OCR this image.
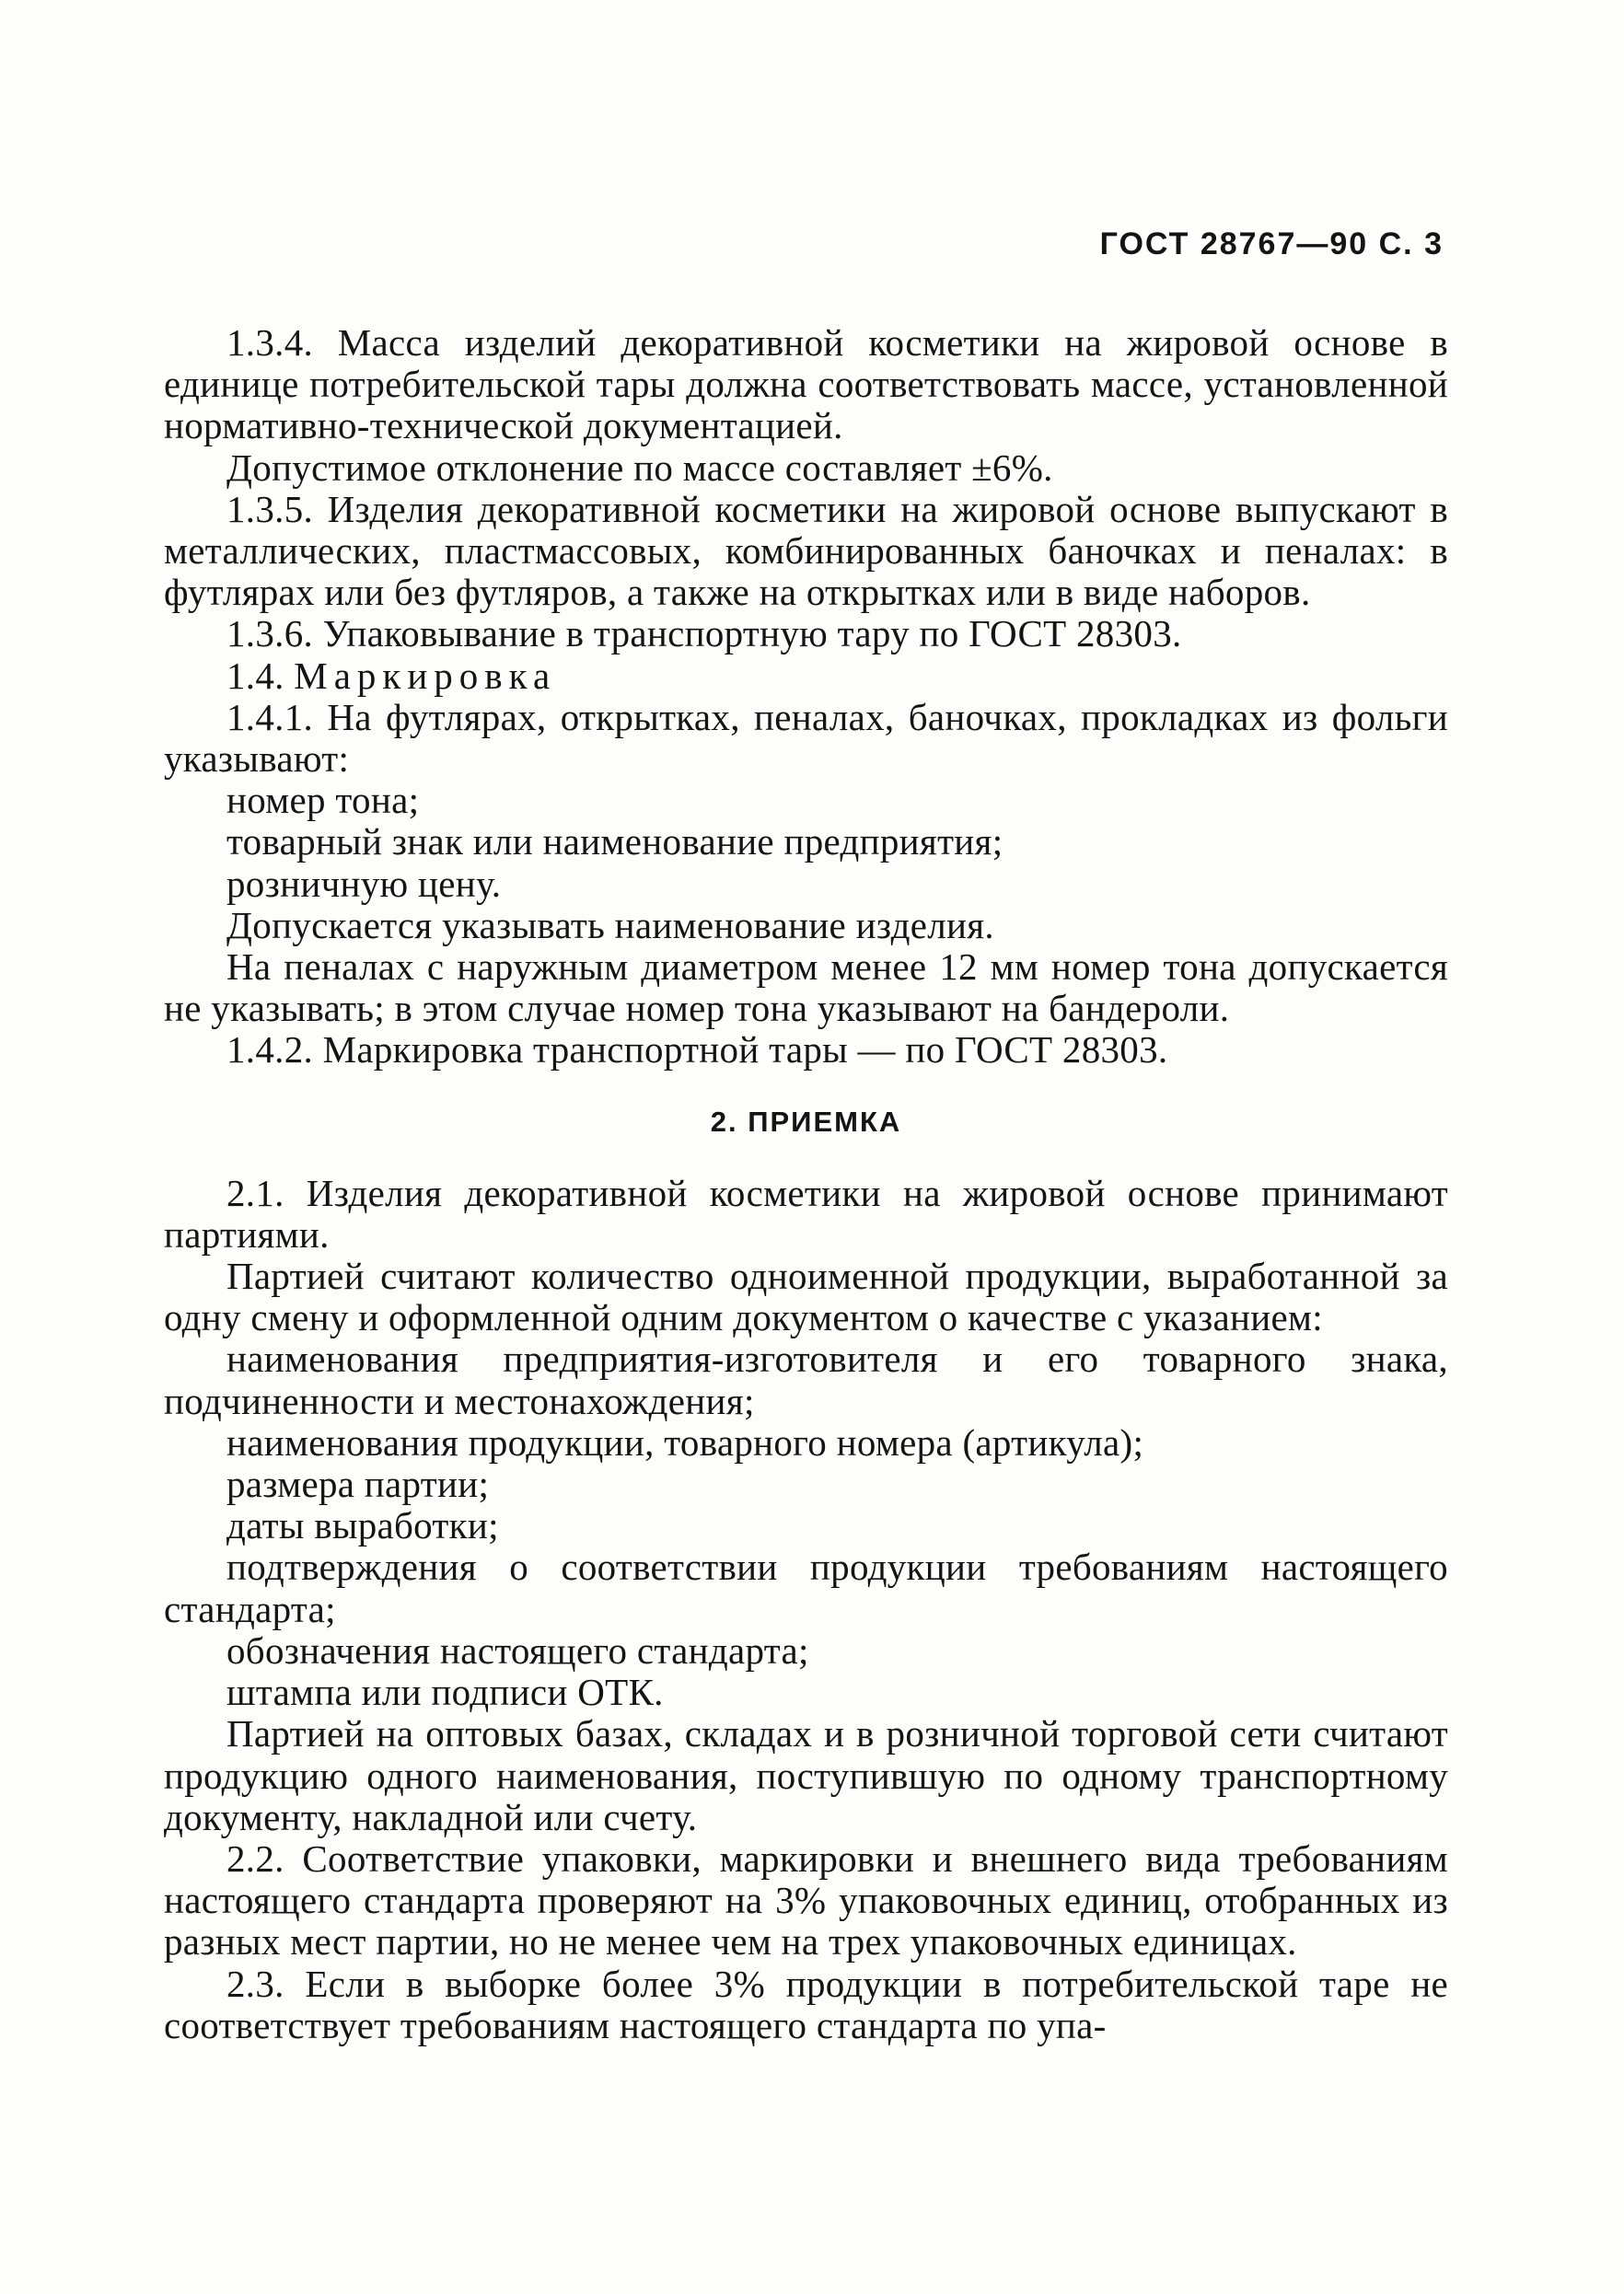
ГОСТ 28767—90 С. 3

1.3.4. Масса изделий декоративной косметики на жировой основе в единице потребительской тары должна соответствовать массе, установленной нормативно-технической документацией.

Допустимое отклонение по массе составляет ±6%.

1.3.5. Изделия декоративной косметики на жировой основе выпускают в металлических, пластмассовых, комбинированных баночках и пеналах: в футлярах или без футляров, а также на открытках или в виде наборов.

1.3.6. Упаковывание в транспортную тару по ГОСТ 28303.

1.4. Маркировка

1.4.1. На футлярах, открытках, пеналах, баночках, прокладках из фольги указывают:

номер тона;

товарный знак или наименование предприятия;

розничную цену.

Допускается указывать наименование изделия.

На пеналах с наружным диаметром менее 12 мм номер тона допускается не указывать; в этом случае номер тона указывают на бандероли.

1.4.2. Маркировка транспортной тары — по ГОСТ 28303.

2. ПРИЕМКА

2.1. Изделия декоративной косметики на жировой основе принимают партиями.

Партией считают количество одноименной продукции, выработанной за одну смену и оформленной одним документом о качестве с указанием:

наименования предприятия-изготовителя и его товарного знака, подчиненности и местонахождения;

наименования продукции, товарного номера (артикула);

размера партии;

даты выработки;

подтверждения о соответствии продукции требованиям настоящего стандарта;

обозначения настоящего стандарта;

штампа или подписи ОТК.

Партией на оптовых базах, складах и в розничной торговой сети считают продукцию одного наименования, поступившую по одному транспортному документу, накладной или счету.

2.2. Соответствие упаковки, маркировки и внешнего вида требованиям настоящего стандарта проверяют на 3% упаковочных единиц, отобранных из разных мест партии, но не менее чем на трех упаковочных единицах.

2.3. Если в выборке более 3% продукции в потребительской таре не соответствует требованиям настоящего стандарта по упа-
